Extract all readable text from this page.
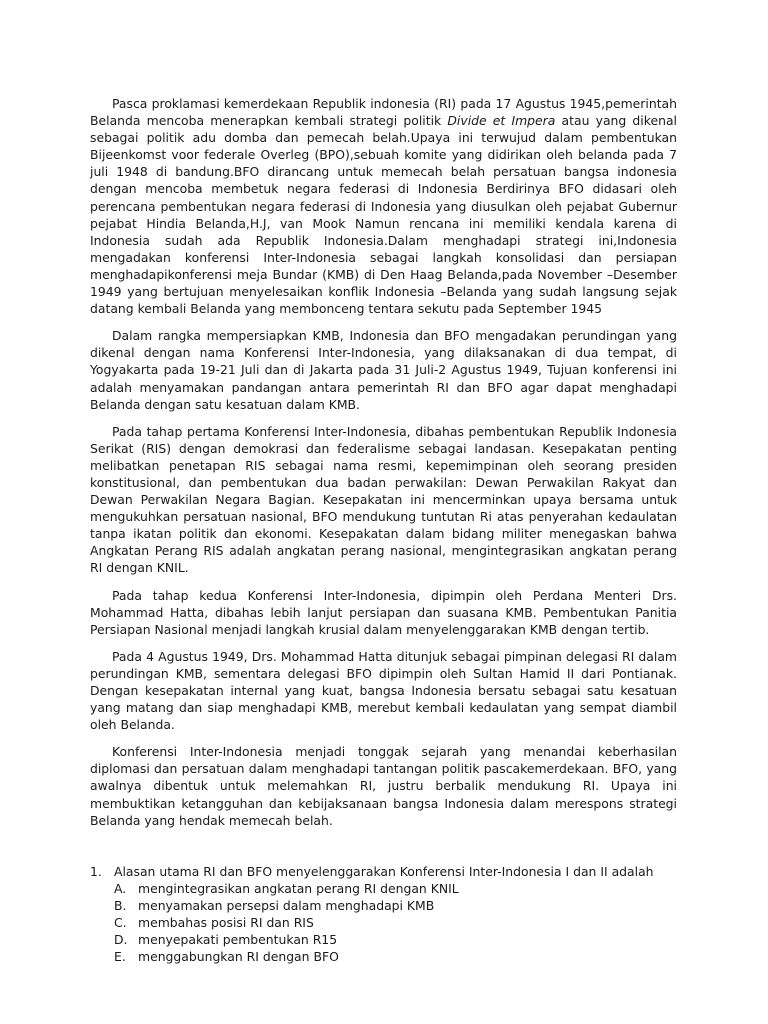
Pasca proklamasi kemerdekaan Republik indonesia (RI) pada 17 Agustus 1945,pemerintah Belanda mencoba menerapkan kembali strategi politik Divide et Impera atau yang dikenal sebagai politik adu domba dan pemecah belah.Upaya ini terwujud dalam pembentukan Bijeenkomst voor federale Overleg (BPO),sebuah komite yang didirikan oleh belanda pada 7 juli 1948 di bandung.BFO dirancang untuk memecah belah persatuan bangsa indonesia dengan mencoba membetuk negara federasi di Indonesia Berdirinya BFO didasari oleh perencana pembentukan negara federasi di Indonesia yang diusulkan oleh pejabat Gubernur pejabat Hindia Belanda,H.J, van Mook Namun rencana ini memiliki kendala karena di Indonesia sudah ada Republik Indonesia.Dalam menghadapi strategi ini,Indonesia mengadakan konferensi Inter-Indonesia sebagai langkah konsolidasi dan persiapan menghadapikonferensi meja Bundar (KMB) di Den Haag Belanda,pada November –Desember 1949 yang bertujuan menyelesaikan konflik Indonesia –Belanda yang sudah langsung sejak datang kembali Belanda yang membonceng tentara sekutu pada September 1945

Dalam rangka mempersiapkan KMB, Indonesia dan BFO mengadakan perundingan yang dikenal dengan nama Konferensi Inter-Indonesia, yang dilaksanakan di dua tempat, di Yogyakarta pada 19-21 Juli dan di Jakarta pada 31 Juli-2 Agustus 1949, Tujuan konferensi ini adalah menyamakan pandangan antara pemerintah RI dan BFO agar dapat menghadapi Belanda dengan satu kesatuan dalam KMB.

Pada tahap pertama Konferensi Inter-Indonesia, dibahas pembentukan Republik Indonesia Serikat (RIS) dengan demokrasi dan federalisme sebagai landasan. Kesepakatan penting melibatkan penetapan RIS sebagai nama resmi, kepemimpinan oleh seorang presiden konstitusional, dan pembentukan dua badan perwakilan: Dewan Perwakilan Rakyat dan Dewan Perwakilan Negara Bagian. Kesepakatan ini mencerminkan upaya bersama untuk mengukuhkan persatuan nasional, BFO mendukung tuntutan Ri atas penyerahan kedaulatan tanpa ikatan politik dan ekonomi. Kesepakatan dalam bidang militer menegaskan bahwa Angkatan Perang RIS adalah angkatan perang nasional, mengintegrasikan angkatan perang RI dengan KNIL.

Pada tahap kedua Konferensi Inter-Indonesia, dipimpin oleh Perdana Menteri Drs. Mohammad Hatta, dibahas lebih lanjut persiapan dan suasana KMB. Pembentukan Panitia Persiapan Nasional menjadi langkah krusial dalam menyelenggarakan KMB dengan tertib.

Pada 4 Agustus 1949, Drs. Mohammad Hatta ditunjuk sebagai pimpinan delegasi RI dalam perundingan KMB, sementara delegasi BFO dipimpin oleh Sultan Hamid II dari Pontianak. Dengan kesepakatan internal yang kuat, bangsa Indonesia bersatu sebagai satu kesatuan yang matang dan siap menghadapi KMB, merebut kembali kedaulatan yang sempat diambil oleh Belanda.

Konferensi Inter-Indonesia menjadi tonggak sejarah yang menandai keberhasilan diplomasi dan persatuan dalam menghadapi tantangan politik pascakemerdekaan. BFO, yang awalnya dibentuk untuk melemahkan RI, justru berbalik mendukung RI. Upaya ini membuktikan ketangguhan dan kebijaksanaan bangsa Indonesia dalam merespons strategi Belanda yang hendak memecah belah.

1. Alasan utama RI dan BFO menyelenggarakan Konferensi Inter-Indonesia I dan II adalah
A. mengintegrasikan angkatan perang RI dengan KNIL
B. menyamakan persepsi dalam menghadapi KMB
C. membahas posisi RI dan RIS
D. menyepakati pembentukan R15
E. menggabungkan RI dengan BFO
